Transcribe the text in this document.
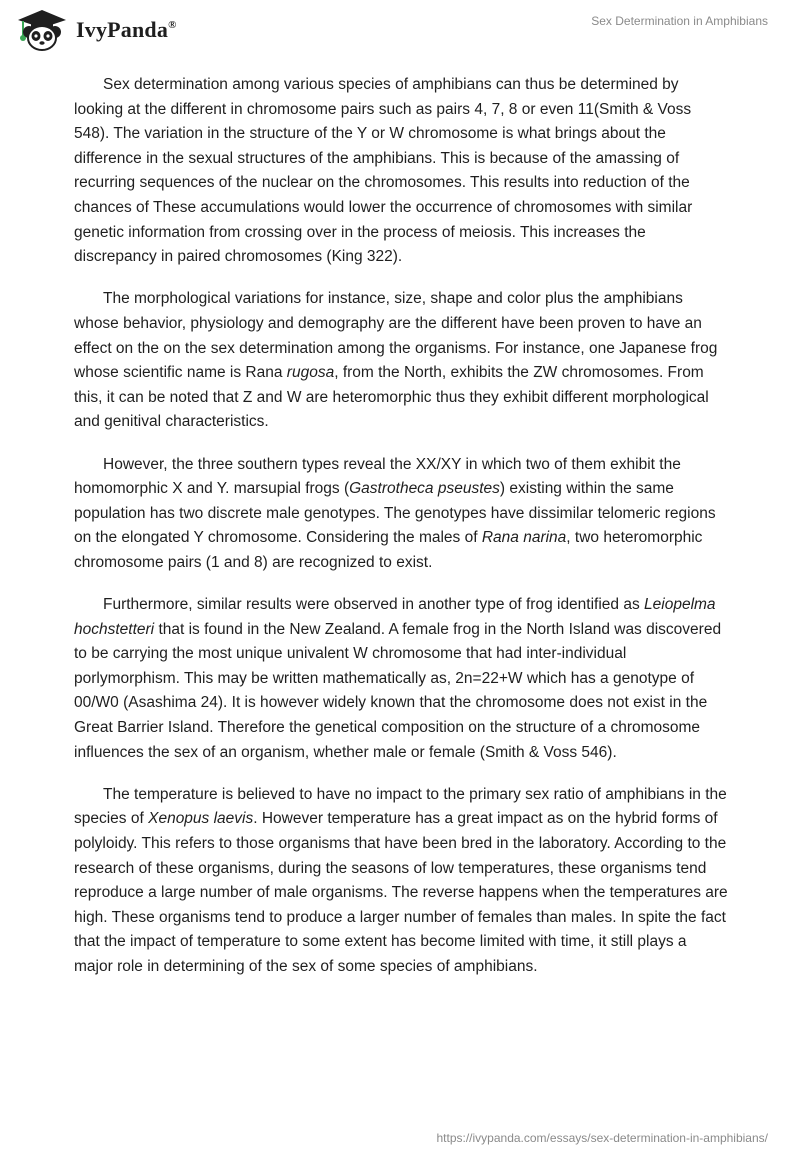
IvyPanda®	Sex Determination in Amphibians

Sex determination among various species of amphibians can thus be determined by looking at the different in chromosome pairs such as pairs 4, 7, 8 or even 11(Smith & Voss 548). The variation in the structure of the Y or W chromosome is what brings about the difference in the sexual structures of the amphibians. This is because of the amassing of recurring sequences of the nuclear on the chromosomes. This results into reduction of the chances of These accumulations would lower the occurrence of chromosomes with similar genetic information from crossing over in the process of meiosis. This increases the discrepancy in paired chromosomes (King 322).

The morphological variations for instance, size, shape and color plus the amphibians whose behavior, physiology and demography are the different have been proven to have an effect on the on the sex determination among the organisms. For instance, one Japanese frog whose scientific name is Rana rugosa, from the North, exhibits the ZW chromosomes. From this, it can be noted that Z and W are heteromorphic thus they exhibit different morphological and genitival characteristics.

However, the three southern types reveal the XX/XY in which two of them exhibit the homomorphic X and Y. marsupial frogs (Gastrotheca pseustes) existing within the same population has two discrete male genotypes. The genotypes have dissimilar telomeric regions on the elongated Y chromosome. Considering the males of Rana narina, two heteromorphic chromosome pairs (1 and 8) are recognized to exist.

Furthermore, similar results were observed in another type of frog identified as Leiopelma hochstetteri that is found in the New Zealand. A female frog in the North Island was discovered to be carrying the most unique univalent W chromosome that had inter-individual porlymorphism. This may be written mathematically as, 2n=22+W which has a genotype of 00/W0 (Asashima 24). It is however widely known that the chromosome does not exist in the Great Barrier Island. Therefore the genetical composition on the structure of a chromosome influences the sex of an organism, whether male or female (Smith & Voss 546).

The temperature is believed to have no impact to the primary sex ratio of amphibians in the species of Xenopus laevis. However temperature has a great impact as on the hybrid forms of polyloidy. This refers to those organisms that have been bred in the laboratory. According to the research of these organisms, during the seasons of low temperatures, these organisms tend reproduce a large number of male organisms. The reverse happens when the temperatures are high. These organisms tend to produce a larger number of females than males. In spite the fact that the impact of temperature to some extent has become limited with time, it still plays a major role in determining of the sex of some species of amphibians.

https://ivypanda.com/essays/sex-determination-in-amphibians/
